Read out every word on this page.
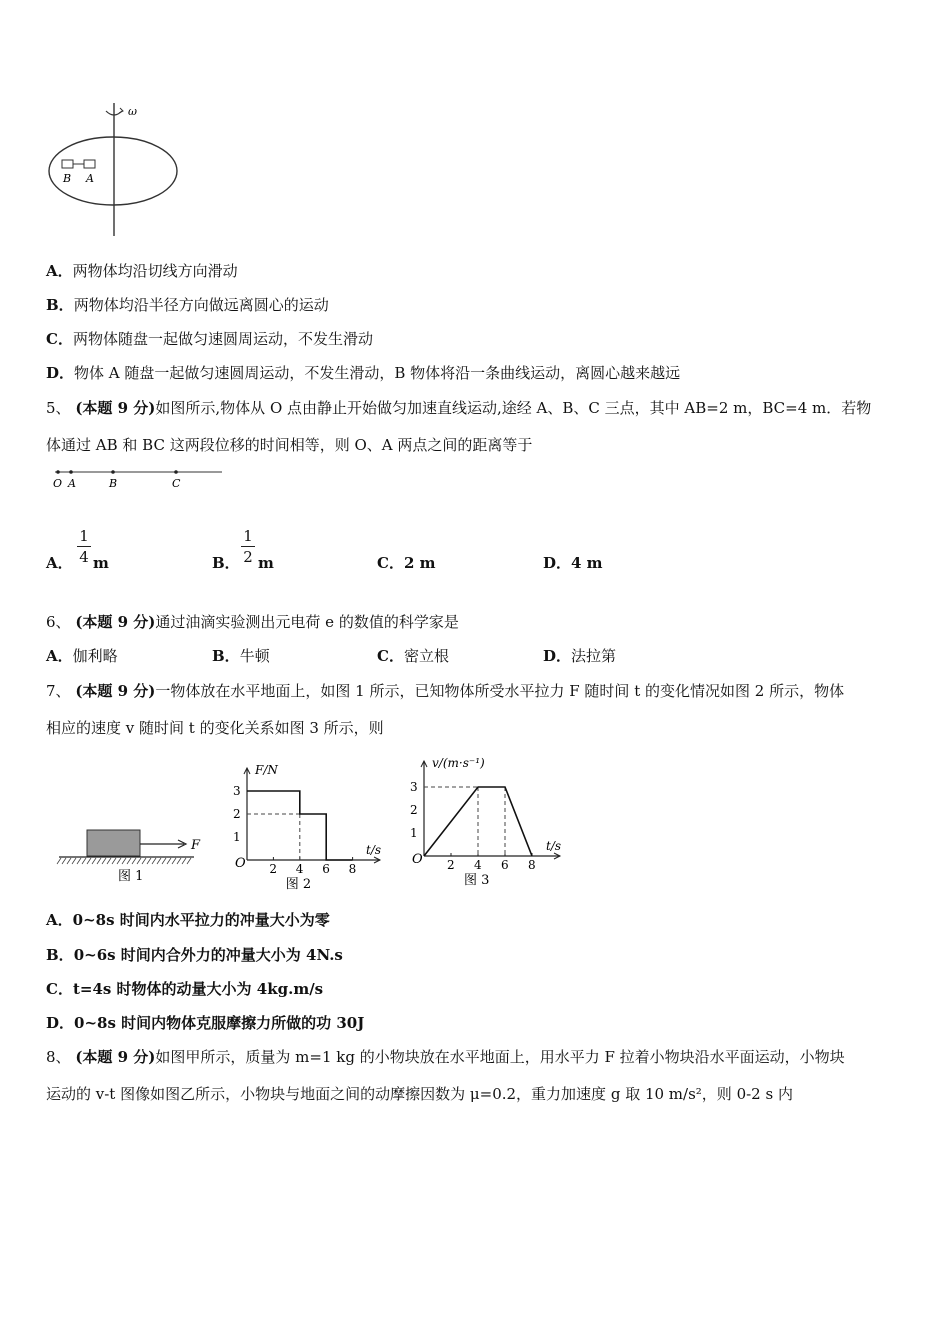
ω
B A
A．两物体均沿切线方向滑动
B．两物体均沿半径方向做远离圆心的运动
C．两物体随盘一起做匀速圆周运动，不发生滑动
D．物体 A 随盘一起做匀速圆周运动，不发生滑动，B 物体将沿一条曲线运动，离圆心越来越远
5、 (本题 9 分)如图所示,物体从 O 点由静止开始做匀加速直线运动,途经 A、B、C 三点，其中 AB=2 m，BC=4 m．若物
体通过 AB 和 BC 这两段位移的时间相等，则 O、A 两点之间的距离等于
O A	B	C
A．
1
4 m	B．
1
2 m	C．2 m	D．4 m
6、 (本题 9 分)通过油滴实验测出元电荷 e 的数值的科学家是
A．伽利略	B．牛顿	C．密立根	D．法拉第
7、 (本题 9 分)一物体放在水平地面上，如图 1 所示，已知物体所受水平拉力 F 随时间 t 的变化情况如图 2 所示，物体
相应的速度 v 随时间 t 的变化关系如图 3 所示，则
F
图 1
F/N
t/s
O 2 4 6 8
1
2
3
图 2
v/(m·s⁻¹)
t/s
O 2 4 6 8
1
2
3
图 3
A．0~8s 时间内水平拉力的冲量大小为零
B．0~6s 时间内合外力的冲量大小为 4N.s
C．t=4s 时物体的动量大小为 4kg.m/s
D．0~8s 时间内物体克服摩擦力所做的功 30J
8、 (本题 9 分)如图甲所示，质量为 m=1 kg 的小物块放在水平地面上，用水平力 F 拉着小物块沿水平面运动，小物块
运动的 v-t 图像如图乙所示，小物块与地面之间的动摩擦因数为 μ=0.2，重力加速度 g 取 10 m/s²，则 0-2 s 内
